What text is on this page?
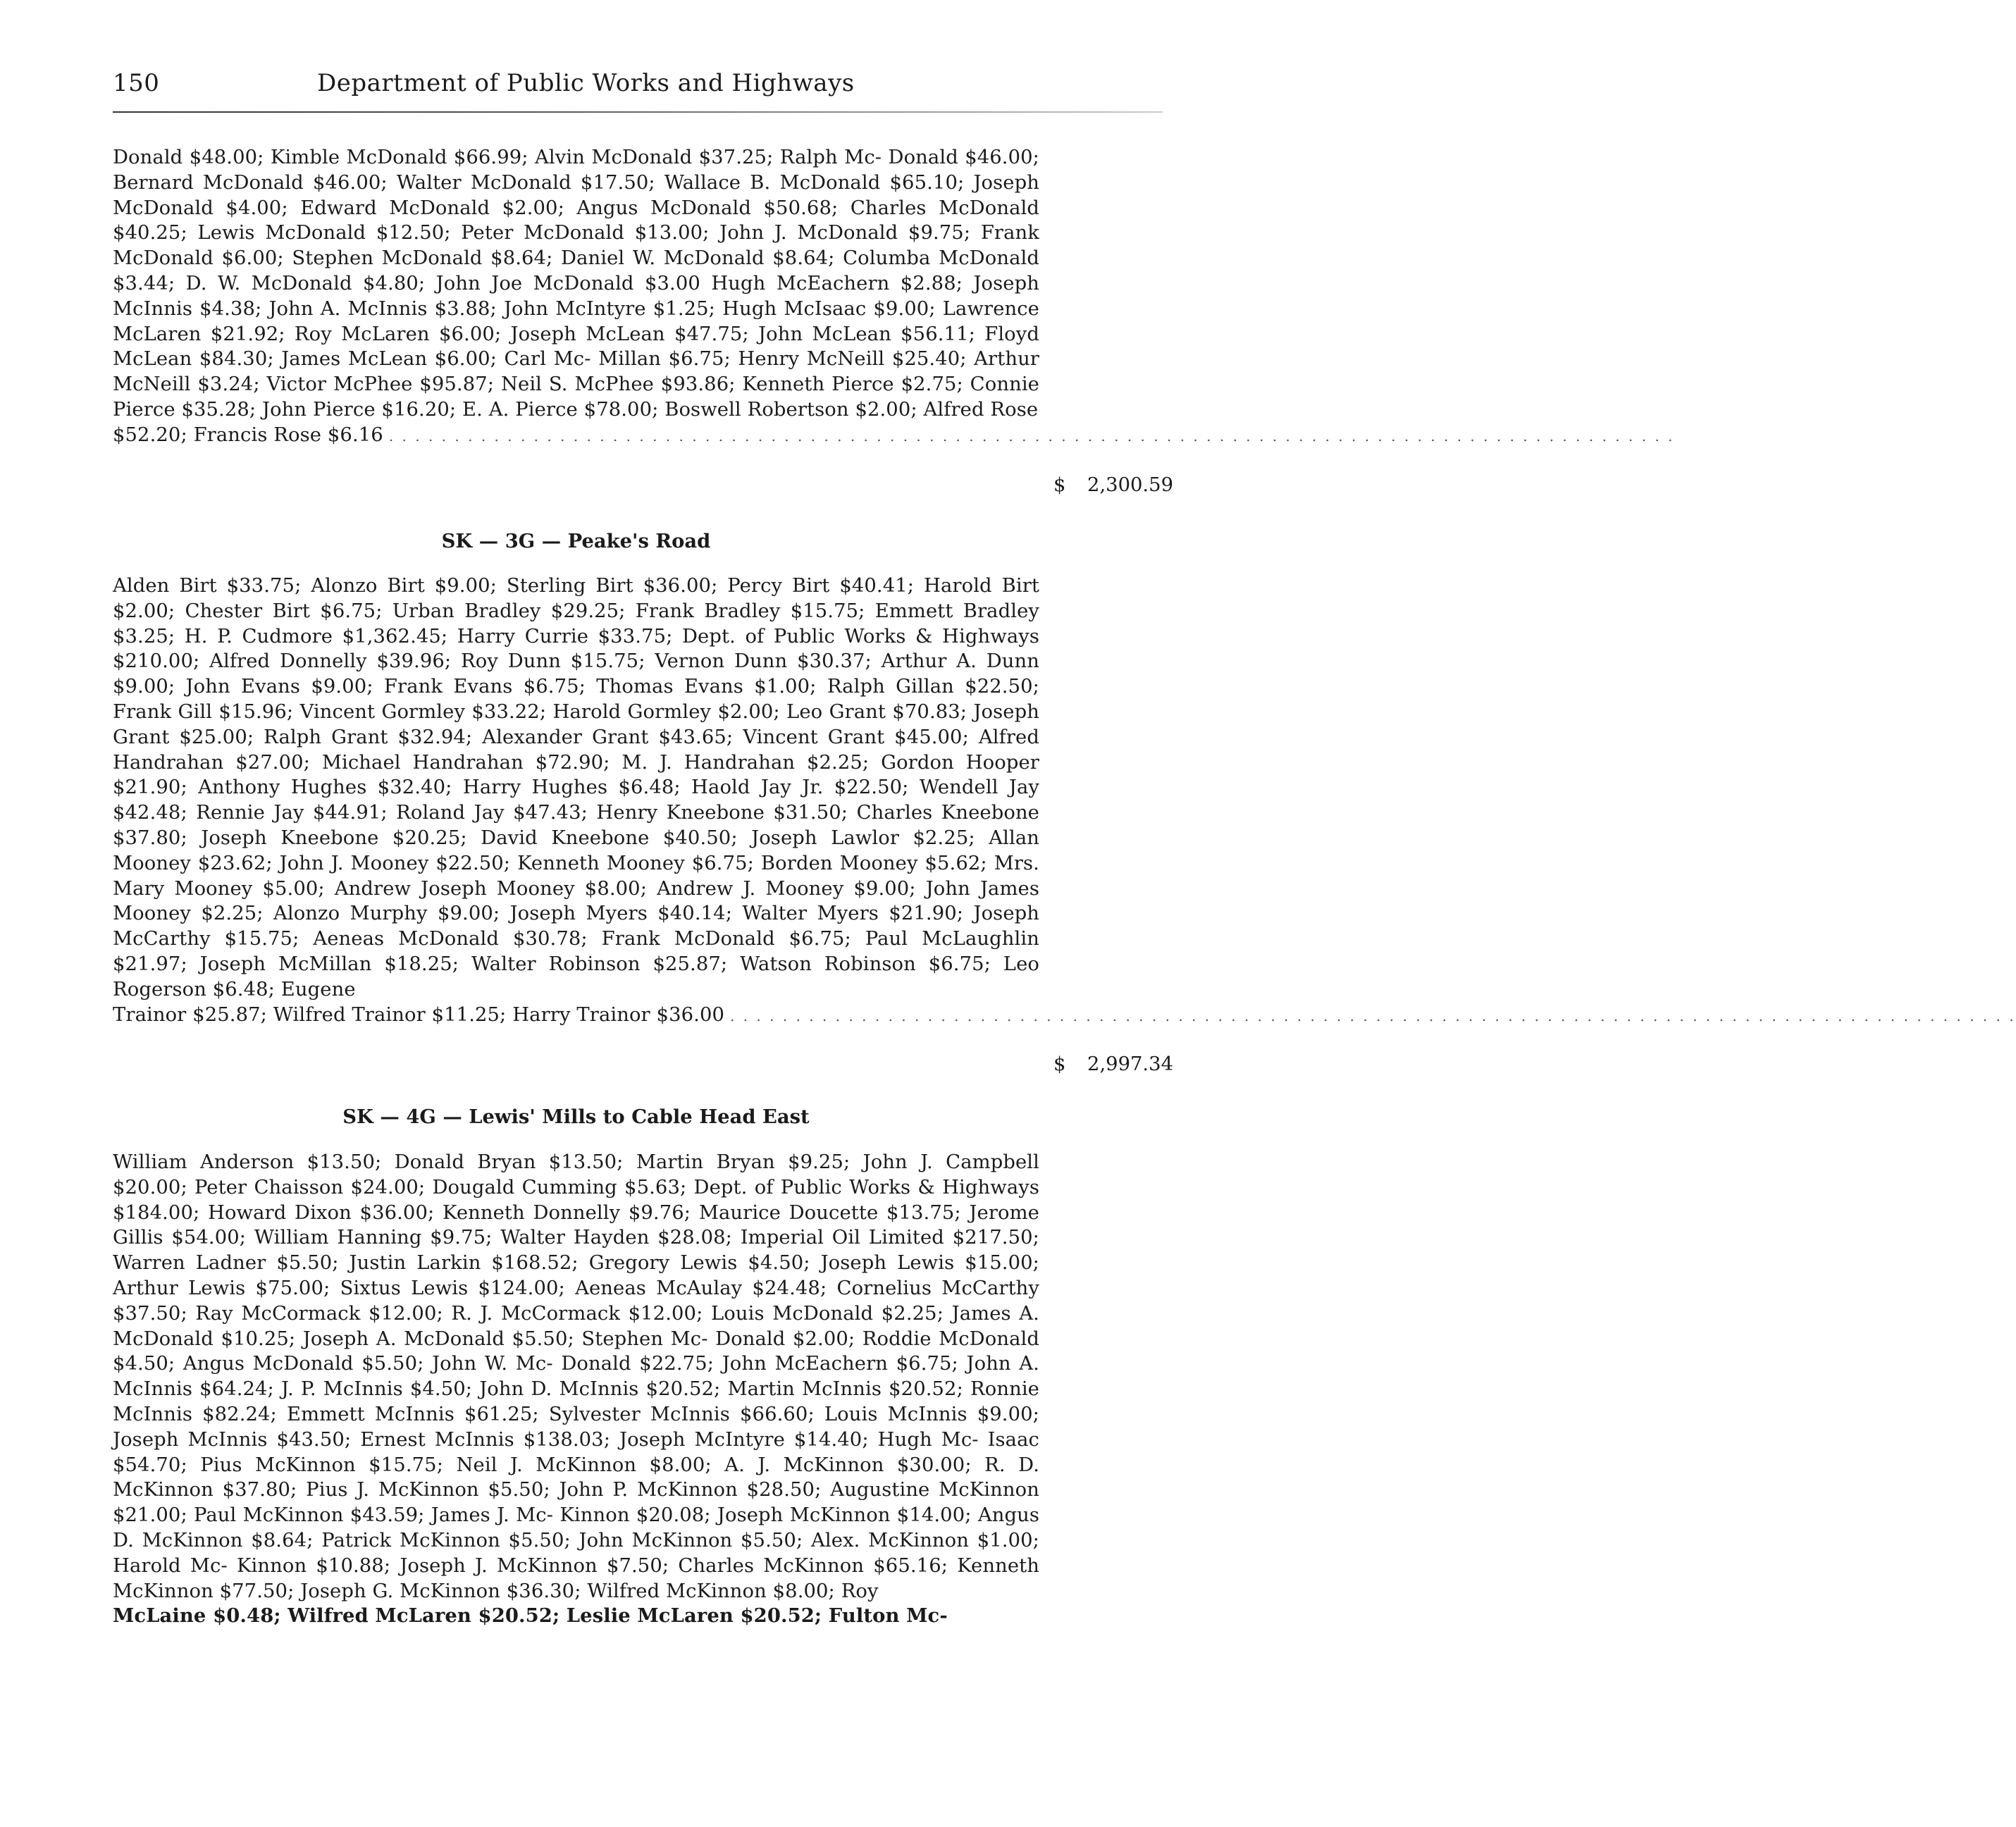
150	Department of Public Works and Highways

Donald $48.00; Kimble McDonald $66.99; Alvin McDonald $37.25; Ralph Mc- Donald $46.00; Bernard McDonald $46.00; Walter McDonald $17.50; Wallace B. McDonald $65.10; Joseph McDonald $4.00; Edward McDonald $2.00; Angus McDonald $50.68; Charles McDonald $40.25; Lewis McDonald $12.50; Peter McDonald $13.00; John J. McDonald $9.75; Frank McDonald $6.00; Stephen McDonald $8.64; Daniel W. McDonald $8.64; Columba McDonald $3.44; D. W. McDonald $4.80; John Joe McDonald $3.00 Hugh McEachern $2.88; Joseph McInnis $4.38; John A. McInnis $3.88; John McIntyre $1.25; Hugh McIsaac $9.00; Lawrence McLaren $21.92; Roy McLaren $6.00; Joseph McLean $47.75; John McLean $56.11; Floyd McLean $84.30; James McLean $6.00; Carl Mc- Millan $6.75; Henry McNeill $25.40; Arthur McNeill $3.24; Victor McPhee $95.87; Neil S. McPhee $93.86; Kenneth Pierce $2.75; Connie Pierce $35.28; John Pierce $16.20; E. A. Pierce $78.00; Boswell Robertson $2.00; Alfred Rose

$52.20; Francis Rose $6.16 . . . . . . . . . . . . . . . . . . . . . . . . . . . . . . . . . . . . . . . . . . . . . . . . . . . . . . . . . . . . . . . . . . . . . . . . . . . . . . . . . . . . . . . . . . . . . . . . . .
$ 2,300.59
SK — 3G — Peake's Road

Alden Birt $33.75; Alonzo Birt $9.00; Sterling Birt $36.00; Percy Birt $40.41; Harold Birt $2.00; Chester Birt $6.75; Urban Bradley $29.25; Frank Bradley $15.75; Emmett Bradley $3.25; H. P. Cudmore $1,362.45; Harry Currie $33.75; Dept. of Public Works & Highways $210.00; Alfred Donnelly $39.96; Roy Dunn $15.75; Vernon Dunn $30.37; Arthur A. Dunn $9.00; John Evans $9.00; Frank Evans $6.75; Thomas Evans $1.00; Ralph Gillan $22.50; Frank Gill $15.96; Vincent Gormley $33.22; Harold Gormley $2.00; Leo Grant $70.83; Joseph Grant $25.00; Ralph Grant $32.94; Alexander Grant $43.65; Vincent Grant $45.00; Alfred Handrahan $27.00; Michael Handrahan $72.90; M. J. Handrahan $2.25; Gordon Hooper $21.90; Anthony Hughes $32.40; Harry Hughes $6.48; Haold Jay Jr. $22.50; Wendell Jay $42.48; Rennie Jay $44.91; Roland Jay $47.43; Henry Kneebone $31.50; Charles Kneebone $37.80; Joseph Kneebone $20.25; David Kneebone $40.50; Joseph Lawlor $2.25; Allan Mooney $23.62; John J. Mooney $22.50; Kenneth Mooney $6.75; Borden Mooney $5.62; Mrs. Mary Mooney $5.00; Andrew Joseph Mooney $8.00; Andrew J. Mooney $9.00; John James Mooney $2.25; Alonzo Murphy $9.00; Joseph Myers $40.14; Walter Myers $21.90; Joseph McCarthy $15.75; Aeneas McDonald $30.78; Frank McDonald $6.75; Paul McLaughlin $21.97; Joseph McMillan $18.25; Walter Robinson $25.87; Watson Robinson $6.75; Leo Rogerson $6.48; Eugene

Trainor $25.87; Wilfred Trainor $11.25; Harry Trainor $36.00 . . . . . . . . . . . . . . . . . . . . . . . . . . . . . . . . . . . . . . . . . . . . . . . . . . . . . . . . . . . . . . . . . . . . . . . . . . . . . . . . . . . . . . . . . . . . . . . . . .
$ 2,997.34
SK — 4G — Lewis' Mills to Cable Head East

William Anderson $13.50; Donald Bryan $13.50; Martin Bryan $9.25; John J. Campbell $20.00; Peter Chaisson $24.00; Dougald Cumming $5.63; Dept. of Public Works & Highways $184.00; Howard Dixon $36.00; Kenneth Donnelly $9.76; Maurice Doucette $13.75; Jerome Gillis $54.00; William Hanning $9.75; Walter Hayden $28.08; Imperial Oil Limited $217.50; Warren Ladner $5.50; Justin Larkin $168.52; Gregory Lewis $4.50; Joseph Lewis $15.00; Arthur Lewis $75.00; Sixtus Lewis $124.00; Aeneas McAulay $24.48; Cornelius McCarthy $37.50; Ray McCormack $12.00; R. J. McCormack $12.00; Louis McDonald $2.25; James A. McDonald $10.25; Joseph A. McDonald $5.50; Stephen Mc- Donald $2.00; Roddie McDonald $4.50; Angus McDonald $5.50; John W. Mc- Donald $22.75; John McEachern $6.75; John A. McInnis $64.24; J. P. McInnis $4.50; John D. McInnis $20.52; Martin McInnis $20.52; Ronnie McInnis $82.24; Emmett McInnis $61.25; Sylvester McInnis $66.60; Louis McInnis $9.00; Joseph McInnis $43.50; Ernest McInnis $138.03; Joseph McIntyre $14.40; Hugh Mc- Isaac $54.70; Pius McKinnon $15.75; Neil J. McKinnon $8.00; A. J. McKinnon $30.00; R. D. McKinnon $37.80; Pius J. McKinnon $5.50; John P. McKinnon $28.50; Augustine McKinnon $21.00; Paul McKinnon $43.59; James J. Mc- Kinnon $20.08; Joseph McKinnon $14.00; Angus D. McKinnon $8.64; Patrick McKinnon $5.50; John McKinnon $5.50; Alex. McKinnon $1.00; Harold Mc- Kinnon $10.88; Joseph J. McKinnon $7.50; Charles McKinnon $65.16; Kenneth McKinnon $77.50; Joseph G. McKinnon $36.30; Wilfred McKinnon $8.00; Roy

McLaine $0.48; Wilfred McLaren $20.52; Leslie McLaren $20.52; Fulton Mc-
